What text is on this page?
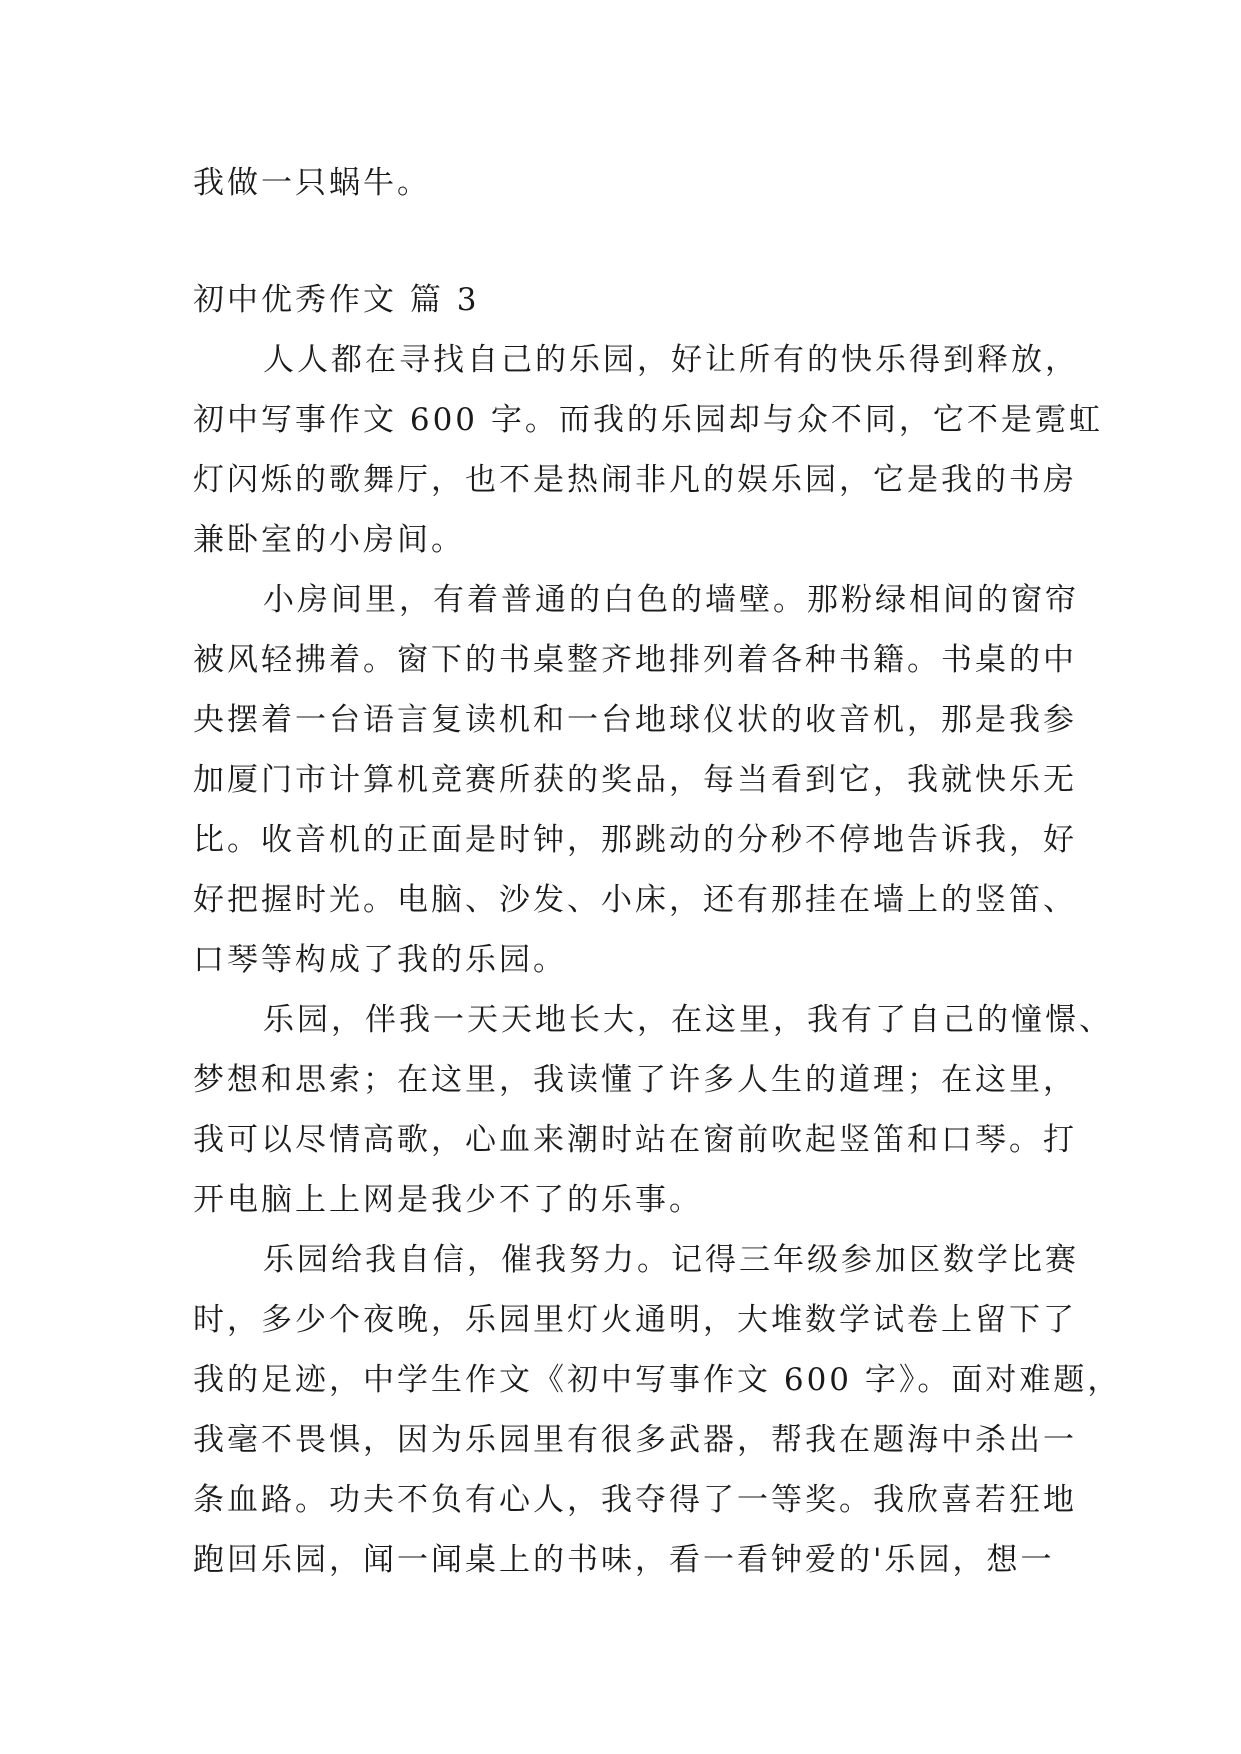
我做一只蜗牛。
初中优秀作文 篇 3
人人都在寻找自己的乐园，好让所有的快乐得到释放，
初中写事作文 600 字。而我的乐园却与众不同，它不是霓虹
灯闪烁的歌舞厅，也不是热闹非凡的娱乐园，它是我的书房
兼卧室的小房间。
小房间里，有着普通的白色的墙壁。那粉绿相间的窗帘
被风轻拂着。窗下的书桌整齐地排列着各种书籍。书桌的中
央摆着一台语言复读机和一台地球仪状的收音机，那是我参
加厦门市计算机竞赛所获的奖品，每当看到它，我就快乐无
比。收音机的正面是时钟，那跳动的分秒不停地告诉我，好
好把握时光。电脑、沙发、小床，还有那挂在墙上的竖笛、
口琴等构成了我的乐园。
乐园，伴我一天天地长大，在这里，我有了自己的憧憬、
梦想和思索；在这里，我读懂了许多人生的道理；在这里，
我可以尽情高歌，心血来潮时站在窗前吹起竖笛和口琴。打
开电脑上上网是我少不了的乐事。
乐园给我自信，催我努力。记得三年级参加区数学比赛
时，多少个夜晚，乐园里灯火通明，大堆数学试卷上留下了
我的足迹，中学生作文《初中写事作文 600 字》。面对难题，
我毫不畏惧，因为乐园里有很多武器，帮我在题海中杀出一
条血路。功夫不负有心人，我夺得了一等奖。我欣喜若狂地
跑回乐园，闻一闻桌上的书味，看一看钟爱的'乐园，想一
